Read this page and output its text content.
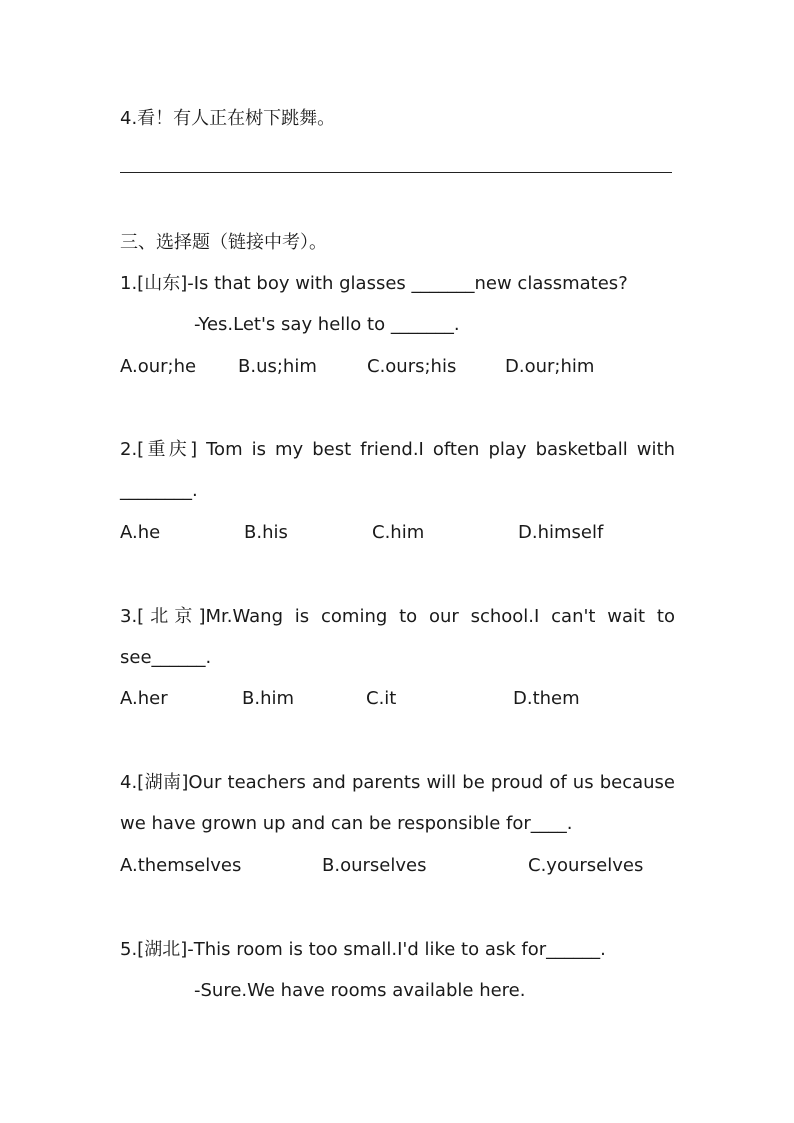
4.看！有人正在树下跳舞。
三、选择题（链接中考）。
1.[山东]-Is that boy with glasses _______new classmates?
-Yes.Let's say hello to _______.
A.our;he B.us;him	C.ours;his	D.our;him
2.[重庆] Tom is my best friend.I often play basketball with
________.
A.he	B.his	C.him	D.himself
3.[北京]Mr.Wang is coming to our school.I can't wait to
see______.
A.her	B.him	C.it	D.them
4.[湖南]Our teachers and parents will be proud of us because
we have grown up and can be responsible for____.
A.themselves	B.ourselves	C.yourselves
5.[湖北]-This room is too small.I'd like to ask for______.
-Sure.We have rooms available here.
